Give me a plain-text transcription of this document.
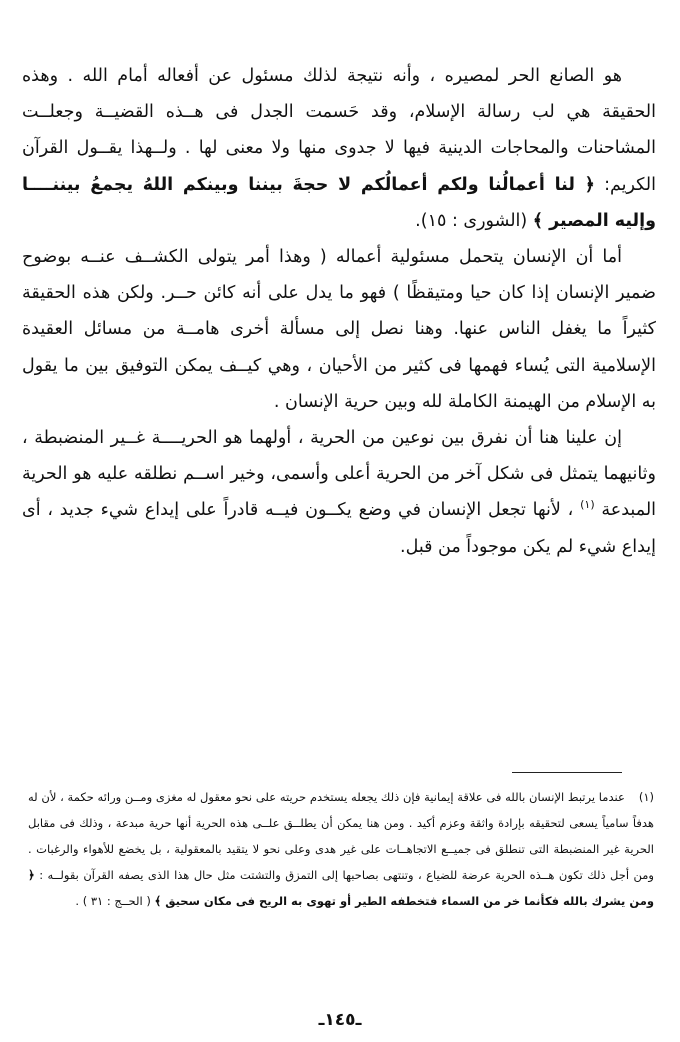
هو الصانع الحر لمصيره ، وأنه نتيجة لذلك مسئول عن أفعاله أمام الله . وهذه الحقيقة هي لب رسالة الإسلام، وقد حَسمت الجدل فى هــذه القضيــة وجعلــت المشاحنات والمحاجات الدينية فيها لا جدوى منها ولا معنى لها . ولــهذا يقــول القرآن الكريم: ﴿ لنا أعمالُنا ولكم أعمالُكم لا حجةَ بيننا وبينكم اللهُ يجمعُ بيننــــا وإليه المصير ﴾ (الشورى : ١٥).

أما أن الإنسان يتحمل مسئولية أعماله ( وهذا أمر يتولى الكشــف عنــه بوضوح ضمير الإنسان إذا كان حيا ومتيقظًا ) فهو ما يدل على أنه كائن حــر. ولكن هذه الحقيقة كثيراً ما يغفل الناس عنها. وهنا نصل إلى مسألة أخرى هامــة من مسائل العقيدة الإسلامية التى يُساء فهمها فى كثير من الأحيان ، وهي كيــف يمكن التوفيق بين ما يقول به الإسلام من الهيمنة الكاملة لله وبين حرية الإنسان .

إن علينا هنا أن نفرق بين نوعين من الحرية ، أولهما هو الحريــــة غــير المنضبطة ، وثانيهما يتمثل فى شكل آخر من الحرية أعلى وأسمى، وخير اســم نطلقه عليه هو الحرية المبدعة $^{(١)}$ ، لأنها تجعل الإنسان في وضع يكــون فيــه قادراً على إيداع شيء جديد ، أى إيداع شيء لم يكن موجوداً من قبل.

(١)عندما يرتبط الإنسان بالله فى علاقة إيمانية فإن ذلك يجعله يستخدم حريته على نحو معقول له مغزى ومــن ورائه حكمة ، لأن له هدفاً سامياً يسعى لتحقيقه بإرادة واثقة وعزم أكيد . ومن هنا يمكن أن يطلــق علــى هذه الحرية أنها حرية مبدعة ، وذلك فى مقابل الحرية غير المنضبطة التى تنطلق فى جميــع الاتجاهــات على غير هدى وعلى نحو لا يتقيد بالمعقولية ، بل يخضع للأهواء والرغبات . ومن أجل ذلك تكون هــذه الحرية عرضة للضياع ، وتنتهى بصاحبها إلى التمزق والتشتت مثل حال هذا الذى يصفه القرآن بقولــه : ﴿ ومن يشرك بالله فكأنما خر من السماء فتخطفه الطير أو تهوى به الريح فى مكان سحيق ﴾ ( الحــج : ٣١ ) .
ـ١٤٥ـ
